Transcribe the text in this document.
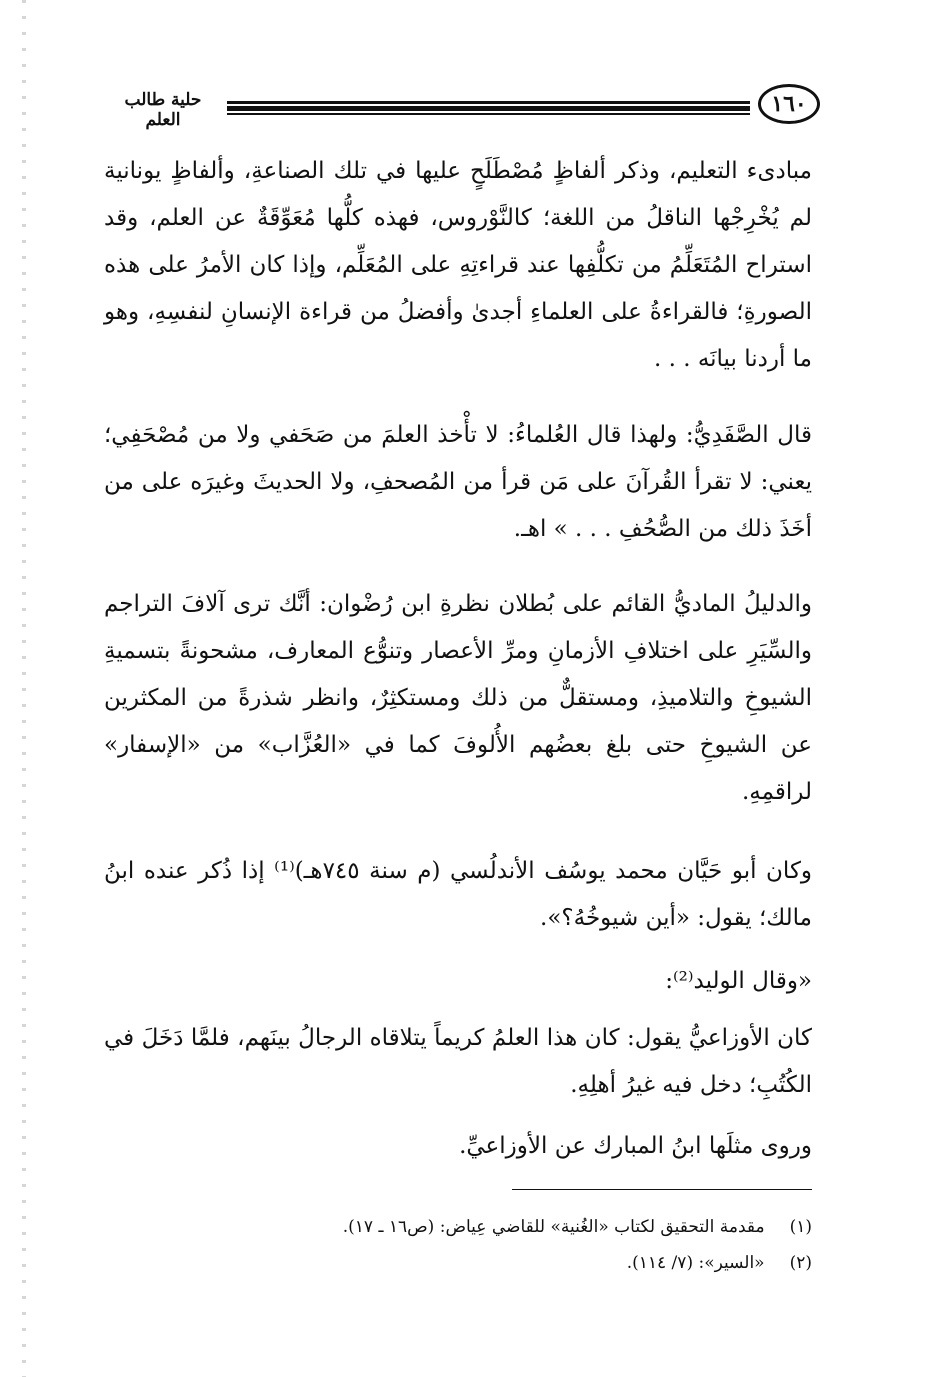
حلية طالب العلم
١٦٠

مبادىء التعليم، وذكر ألفاظٍ مُصْطَلَحٍ عليها في تلك الصناعةِ، وألفاظٍ يونانية لم يُخْرِجْها الناقلُ من اللغة؛ كالنَّوْروس، فهذه كلُّها مُعَوِّقَةٌ عن العلم، وقد استراح المُتَعَلِّمُ من تكلُّفِها عند قراءتِهِ على المُعَلِّم، وإذا كان الأمرُ على هذه الصورةِ؛ فالقراءةُ على العلماءِ أجدىٰ وأفضلُ من قراءة الإنسانِ لنفسِهِ، وهو ما أردنا بيانَه . . .

قال الصَّفَدِيُّ: ولهذا قال العُلماءُ: لا تأْخذ العلمَ من صَحَفي ولا من مُصْحَفِي؛ يعني: لا تقرأ القُرآنَ على مَن قرأ من المُصحفِ، ولا الحديثَ وغيرَه على من أخَذَ ذلك من الصُّحُفِ . . . » اهـ.

والدليلُ الماديُّ القائم على بُطلان نظرةِ ابن رُضْوان: أنَّك ترى آلافَ التراجم والسِّيَرِ على اختلافِ الأزمانِ ومرِّ الأعصار وتنوُّع المعارف، مشحونةً بتسميةِ الشيوخِ والتلاميذِ، ومستقلٌّ من ذلك ومستكثِرٌ، وانظر شذرةً من المكثرين عن الشيوخِ حتى بلغ بعضُهم الأُلوفَ كما في «العُزَّاب» من «الإسفار» لراقمِهِ.

وكان أبو حَيَّان محمد يوسُف الأندلُسي (م سنة ٧٤٥هـ)⁽¹⁾ إذا ذُكر عنده ابنُ مالك؛ يقول: «أين شيوخُهُ؟».

«وقال الوليد⁽²⁾:

كان الأوزاعيُّ يقول: كان هذا العلمُ كريماً يتلاقاه الرجالُ بينَهم، فلمَّا دَخَلَ في الكُتُبِ؛ دخل فيه غيرُ أهلِهِ.

وروى مثلَها ابنُ المبارك عن الأوزاعيِّ.

(١) مقدمة التحقيق لكتاب «الغُنية» للقاضي عِياض: (ص١٦ ـ ١٧).
(٢) «السير»: (٧/ ١١٤).
